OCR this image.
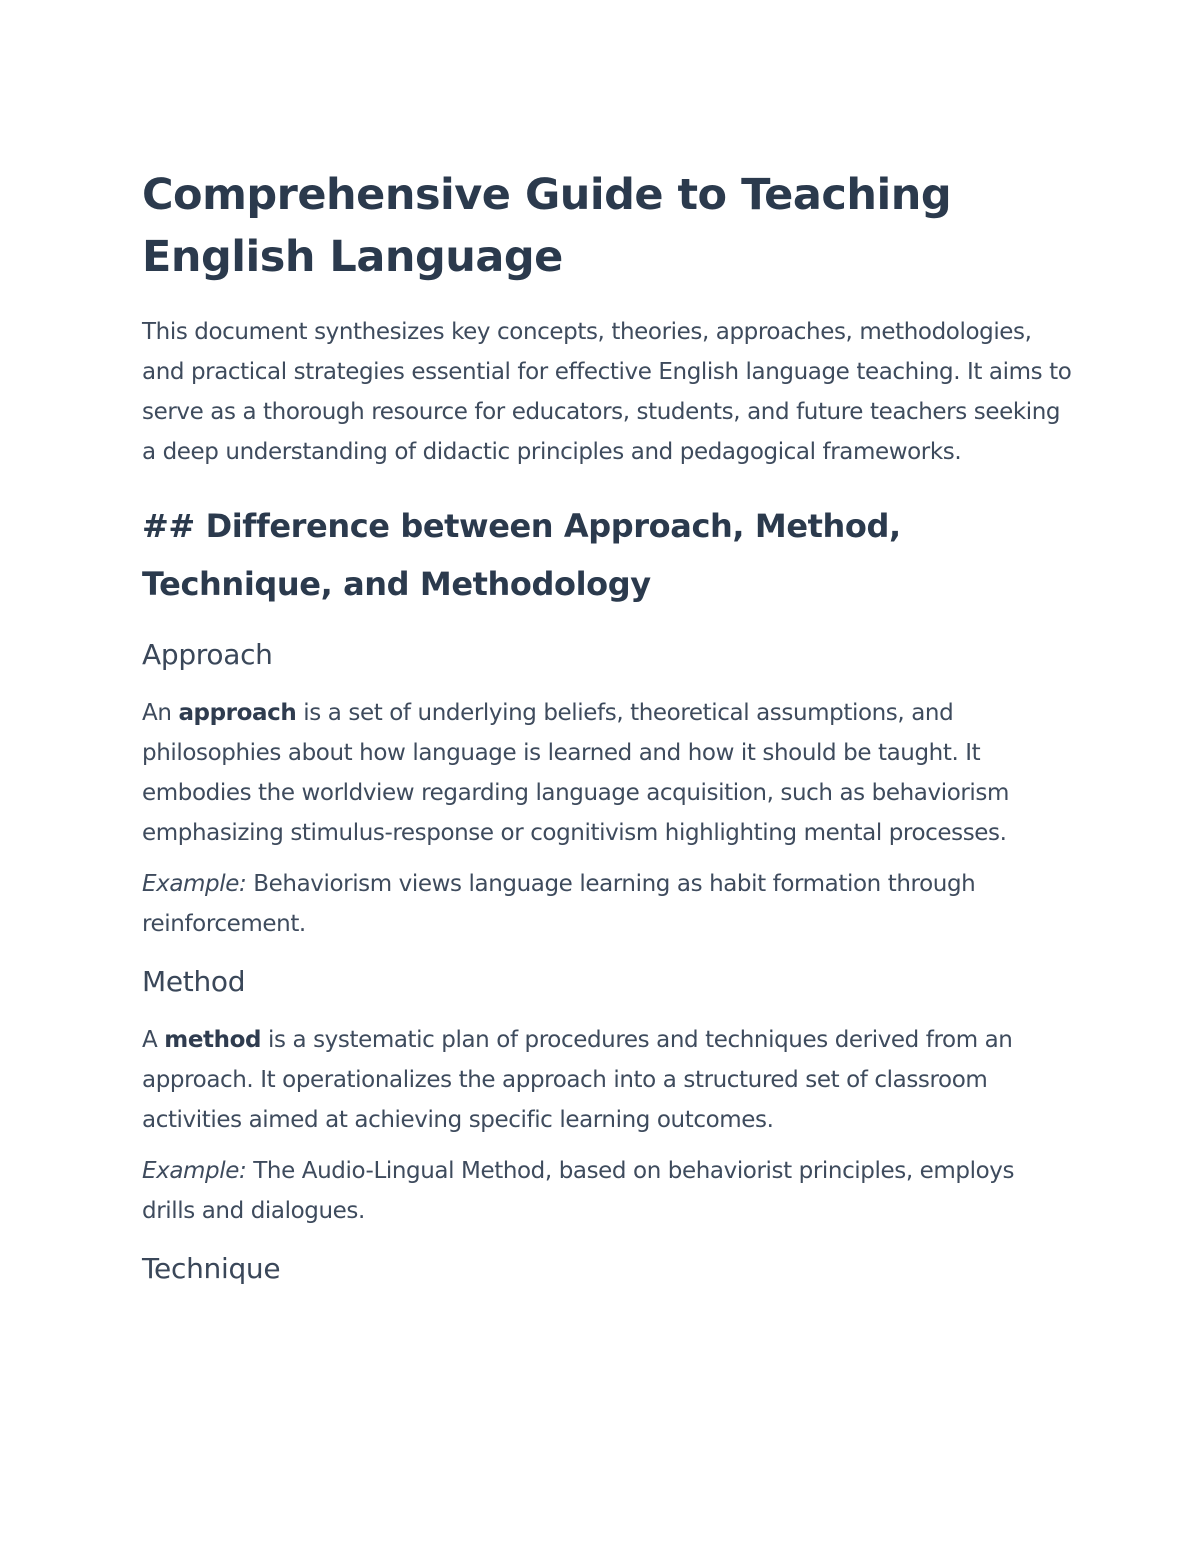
Comprehensive Guide to Teaching English Language

This document synthesizes key concepts, theories, approaches, methodologies, and practical strategies essential for effective English language teaching. It aims to serve as a thorough resource for educators, students, and future teachers seeking a deep understanding of didactic principles and pedagogical frameworks.

## Difference between Approach, Method, Technique, and Methodology
Approach

An approach is a set of underlying beliefs, theoretical assumptions, and philosophies about how language is learned and how it should be taught. It embodies the worldview regarding language acquisition, such as behaviorism emphasizing stimulus-response or cognitivism highlighting mental processes.

Example: Behaviorism views language learning as habit formation through reinforcement.

Method

A method is a systematic plan of procedures and techniques derived from an approach. It operationalizes the approach into a structured set of classroom activities aimed at achieving specific learning outcomes.

Example: The Audio-Lingual Method, based on behaviorist principles, employs drills and dialogues.

Technique
